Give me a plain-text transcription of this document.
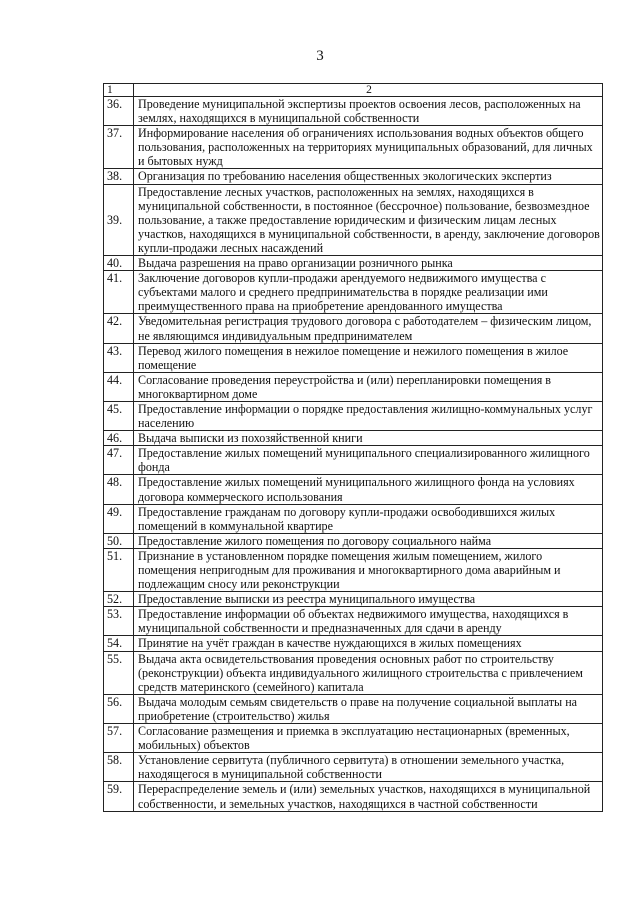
3
1	2
36.	Проведение муниципальной экспертизы проектов освоения лесов, расположенных на землях, находящихся в муниципальной собственности
37.	Информирование населения об ограничениях использования водных объектов общего пользования, расположенных на территориях муниципальных образований, для личных и бытовых нужд
38.	Организация по требованию населения общественных экологических экспертиз
39.	Предоставление лесных участков, расположенных на землях, находящихся в муниципальной собственности, в постоянное (бессрочное) пользование, безвозмездное пользование, а также предоставление юридическим и физическим лицам лесных участков, находящихся в муниципальной собственности, в аренду, заключение договоров купли-продажи лесных насаждений
40.	Выдача разрешения на право организации розничного рынка
41.	Заключение договоров купли-продажи арендуемого недвижимого имущества с субъектами малого и среднего предпринимательства в порядке реализации ими преимущественного права на приобретение арендованного имущества
42.	Уведомительная регистрация трудового договора с работодателем – физическим лицом, не являющимся индивидуальным предпринимателем
43.	Перевод жилого помещения в нежилое помещение и нежилого помещения в жилое помещение
44.	Согласование проведения переустройства и (или) перепланировки помещения в многоквартирном доме
45.	Предоставление информации о порядке предоставления жилищно-коммунальных услуг населению
46.	Выдача выписки из похозяйственной книги
47.	Предоставление жилых помещений муниципального специализированного жилищного фонда
48.	Предоставление жилых помещений муниципального жилищного фонда на условиях договора коммерческого использования
49.	Предоставление гражданам по договору купли-продажи освободившихся жилых помещений в коммунальной квартире
50.	Предоставление жилого помещения по договору социального найма
51.	Признание в установленном порядке помещения жилым помещением, жилого помещения непригодным для проживания и многоквартирного дома аварийным и подлежащим сносу или реконструкции
52.	Предоставление выписки из реестра муниципального имущества
53.	Предоставление информации об объектах недвижимого имущества, находящихся в муниципальной собственности и предназначенных для сдачи в аренду
54.	Принятие на учёт граждан в качестве нуждающихся в жилых помещениях
55.	Выдача акта освидетельствования проведения основных работ по строительству (реконструкции) объекта индивидуального жилищного строительства с привлечением средств материнского (семейного) капитала
56.	Выдача молодым семьям свидетельств о праве на получение социальной выплаты на приобретение (строительство) жилья
57.	Согласование размещения и приемка в эксплуатацию нестационарных (временных, мобильных) объектов
58.	Установление сервитута (публичного сервитута) в отношении земельного участка, находящегося в муниципальной собственности
59.	Перераспределение земель и (или) земельных участков, находящихся в муниципальной собственности, и земельных участков, находящихся в частной собственности
